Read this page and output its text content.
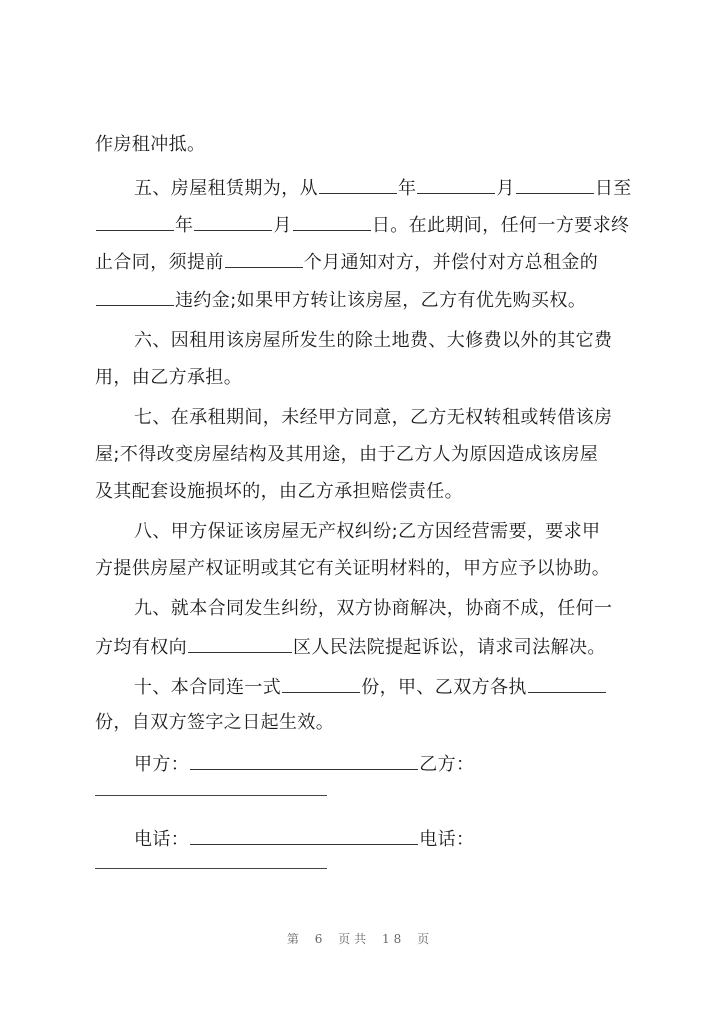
作房租冲抵。
五、房屋租赁期为，从	年	月	日至
年	月	日。在此期间，任何一方要求终
止合同，须提前	个月通知对方，并偿付对方总租金的
违约金;如果甲方转让该房屋，乙方有优先购买权。
六、因租用该房屋所发生的除土地费、大修费以外的其它费
用，由乙方承担。
七、在承租期间，未经甲方同意，乙方无权转租或转借该房
屋;不得改变房屋结构及其用途，由于乙方人为原因造成该房屋
及其配套设施损坏的，由乙方承担赔偿责任。
八、甲方保证该房屋无产权纠纷;乙方因经营需要，要求甲
方提供房屋产权证明或其它有关证明材料的，甲方应予以协助。
九、就本合同发生纠纷，双方协商解决，协商不成，任何一
方均有权向	区人民法院提起诉讼，请求司法解决。
十、本合同连一式	份，甲、乙双方各执
份，自双方签字之日起生效。
甲方：	乙方：
电话：	电话：
第 6 页共 18 页
